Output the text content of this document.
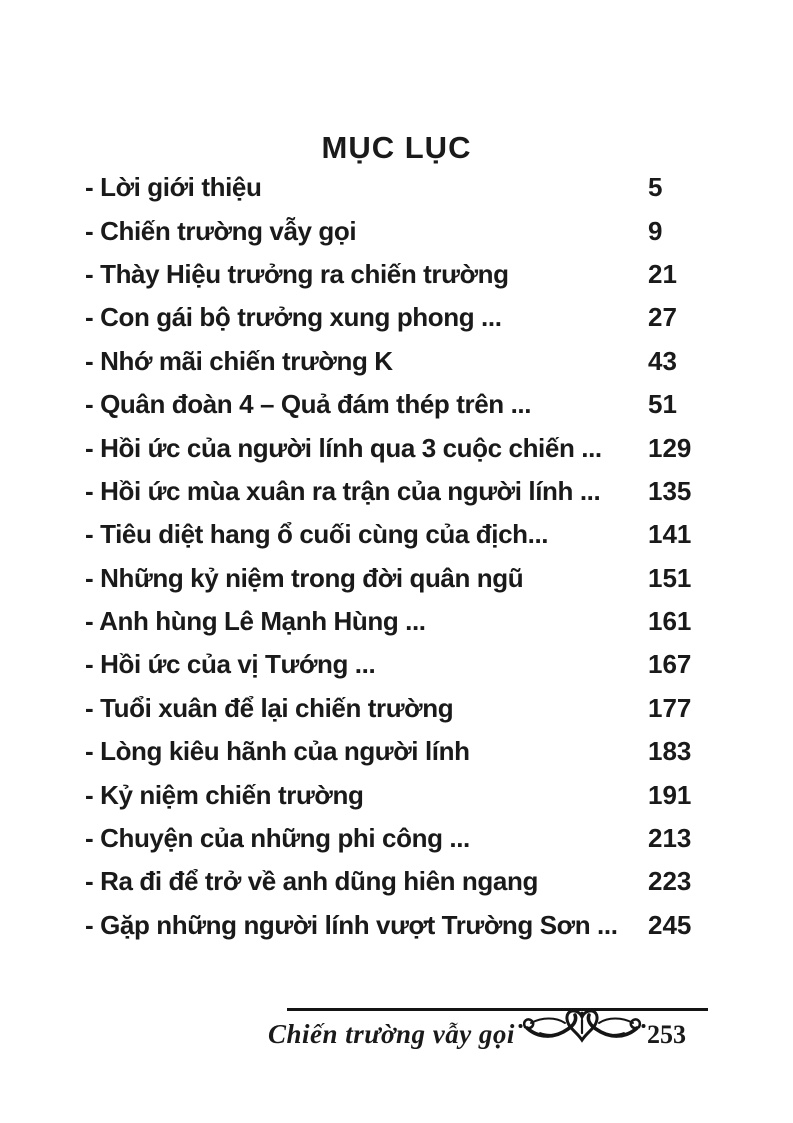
MỤC LỤC
- Lời giới thiệu	5
- Chiến trường vẫy gọi	9
- Thày Hiệu trưởng ra chiến trường	21
- Con gái bộ trưởng xung phong ...	27
- Nhớ mãi chiến trường K	43
- Quân đoàn 4 – Quả đám thép trên ...	51
- Hồi ức của người lính qua 3 cuộc chiến ...	129
- Hồi ức mùa xuân ra trận của người lính ...	135
- Tiêu diệt hang ổ cuối cùng của địch...	141
- Những kỷ niệm trong đời quân ngũ	151
- Anh hùng Lê Mạnh Hùng ...	161
- Hồi ức của vị Tướng ...	167
- Tuổi xuân để lại chiến trường	177
- Lòng kiêu hãnh của người lính	183
- Kỷ niệm chiến trường	191
- Chuyện của những phi công ...	213
- Ra đi để trở về anh dũng hiên ngang	223
- Gặp những người lính vượt Trường Sơn ...	245
Chiến trường vẫy gọi	253
